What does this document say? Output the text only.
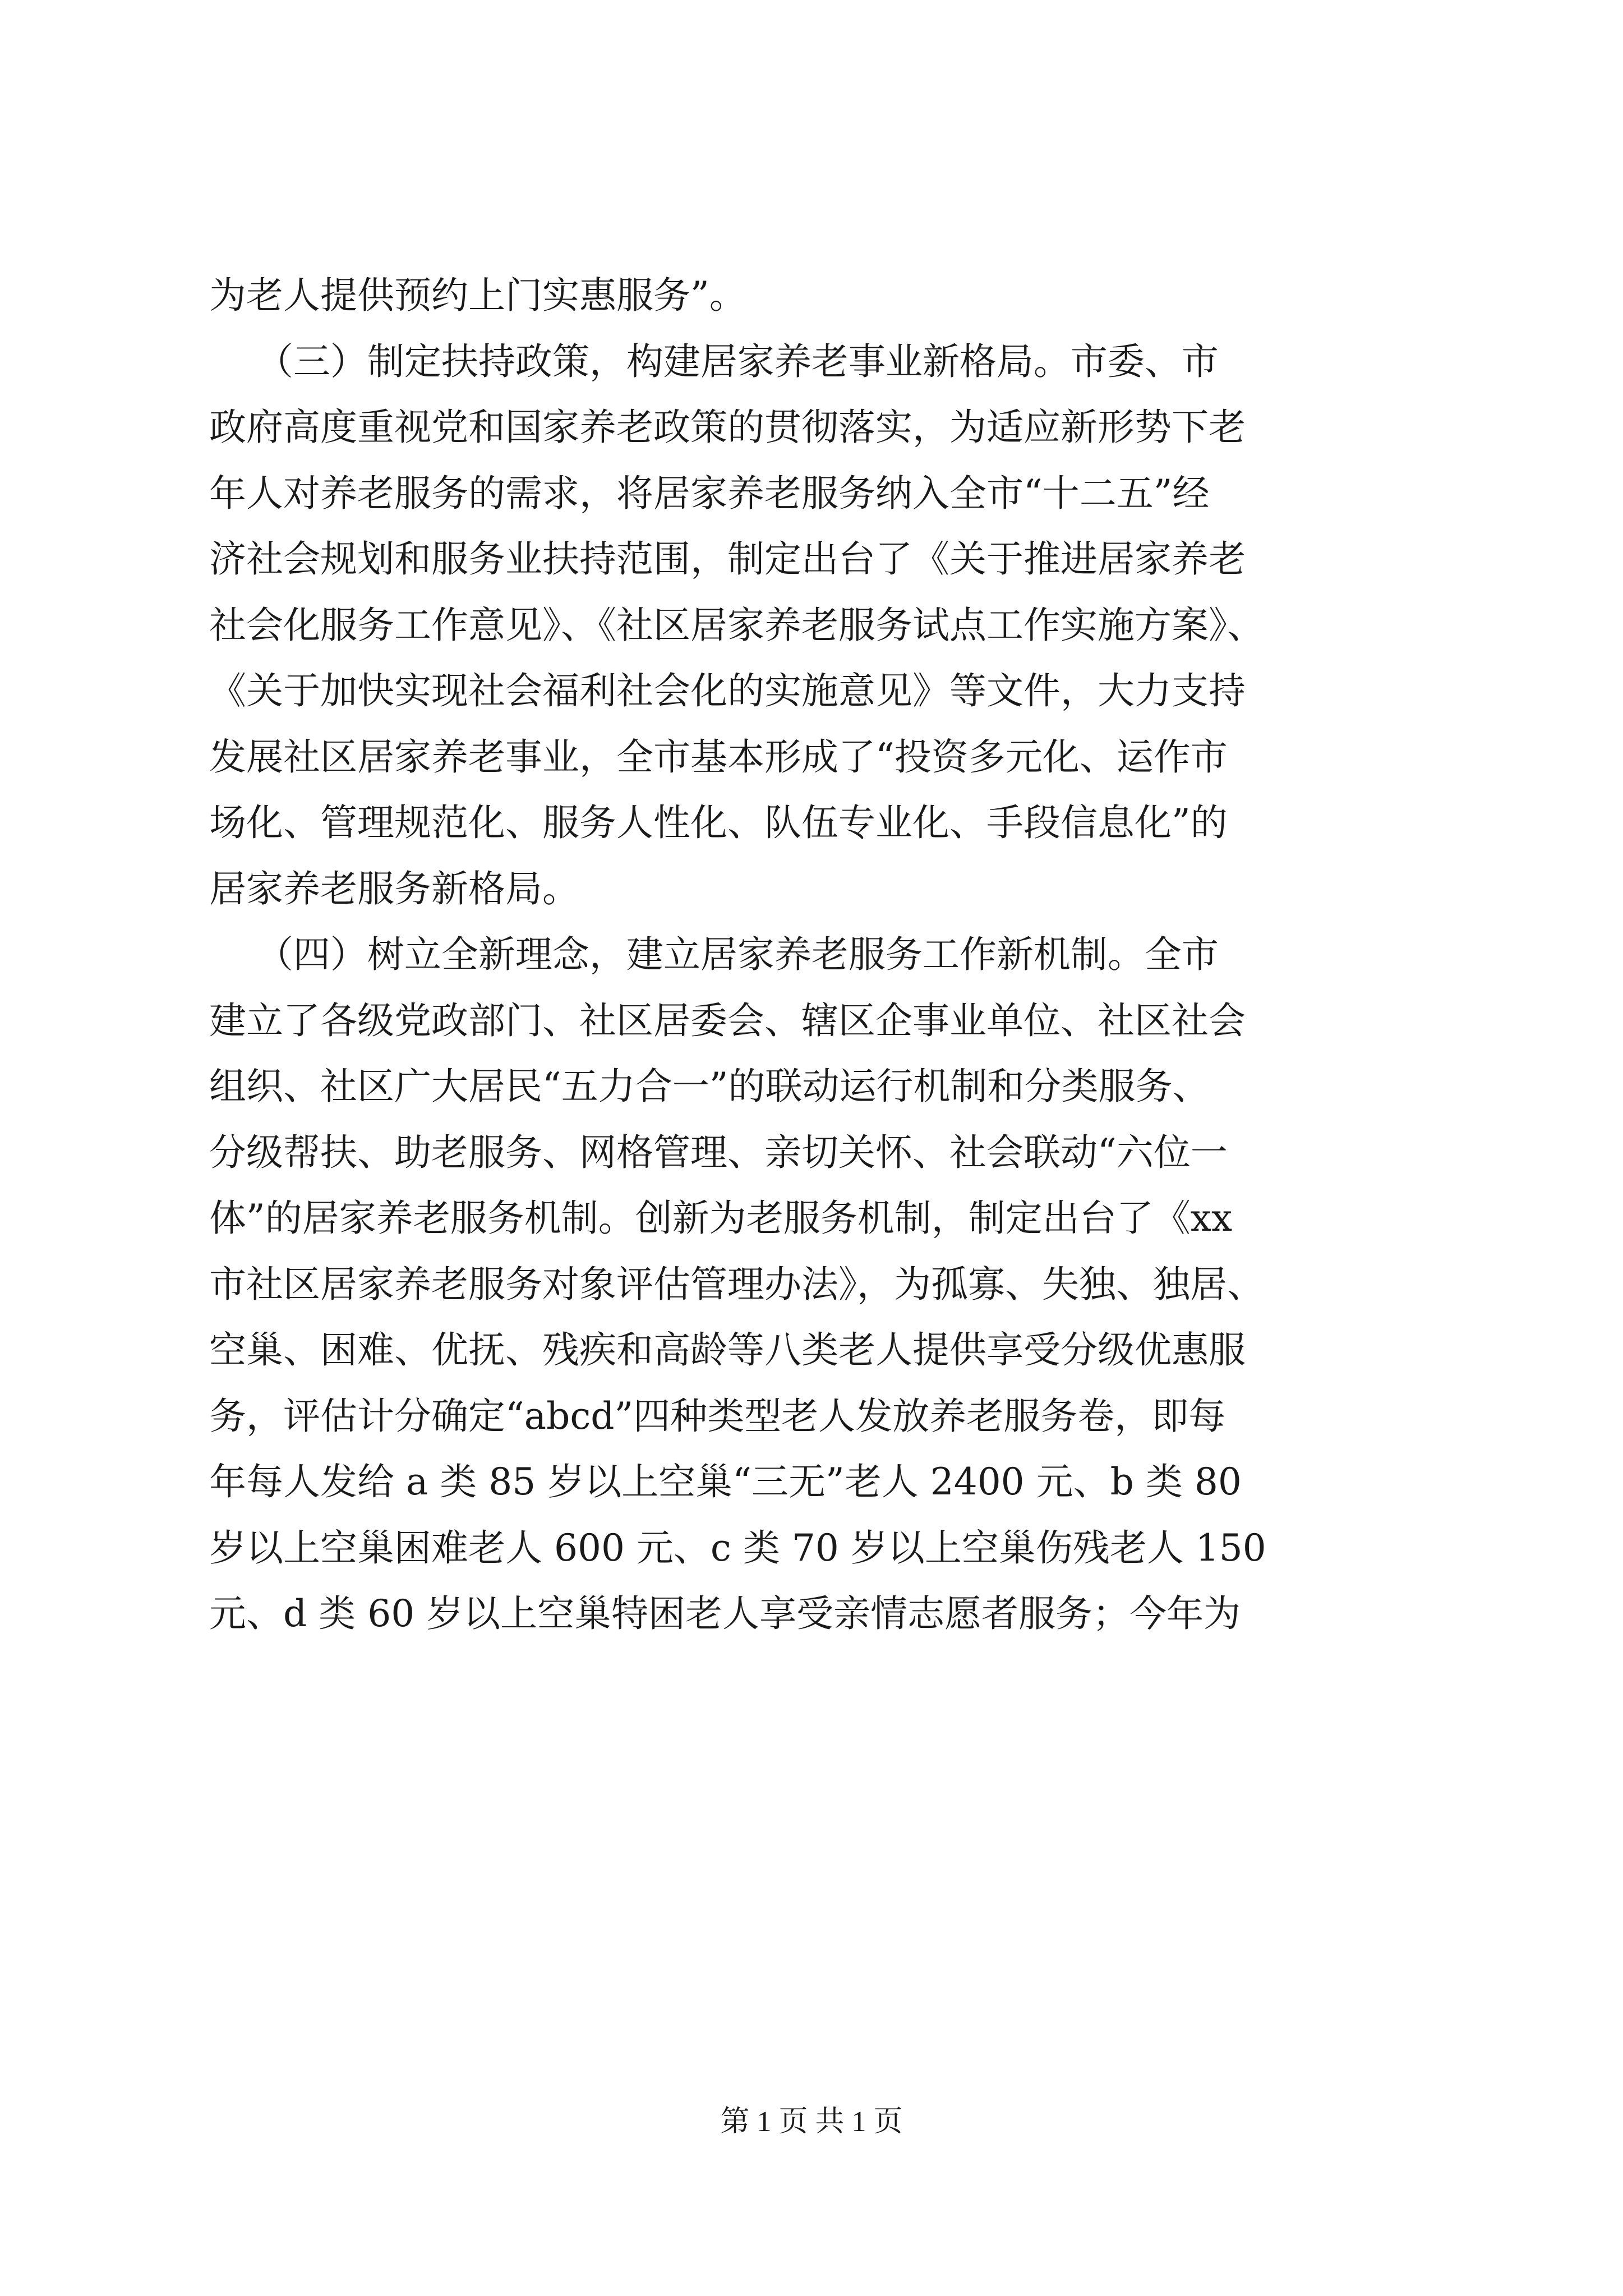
为老人提供预约上门实惠服务”。
（三）制定扶持政策，构建居家养老事业新格局。市委、市
政府高度重视党和国家养老政策的贯彻落实，为适应新形势下老
年人对养老服务的需求，将居家养老服务纳入全市“十二五”经
济社会规划和服务业扶持范围，制定出台了《关于推进居家养老
社会化服务工作意见》、《社区居家养老服务试点工作实施方案》、
《关于加快实现社会福利社会化的实施意见》等文件，大力支持
发展社区居家养老事业，全市基本形成了“投资多元化、运作市
场化、管理规范化、服务人性化、队伍专业化、手段信息化”的
居家养老服务新格局。
（四）树立全新理念，建立居家养老服务工作新机制。全市
建立了各级党政部门、社区居委会、辖区企事业单位、社区社会
组织、社区广大居民“五力合一”的联动运行机制和分类服务、
分级帮扶、助老服务、网格管理、亲切关怀、社会联动“六位一
体”的居家养老服务机制。创新为老服务机制，制定出台了《xx
市社区居家养老服务对象评估管理办法》，为孤寡、失独、独居、
空巢、困难、优抚、残疾和高龄等八类老人提供享受分级优惠服
务，评估计分确定“abcd”四种类型老人发放养老服务卷，即每
年每人发给 a 类 85 岁以上空巢“三无”老人 2400 元、b 类 80
岁以上空巢困难老人 600 元、c 类 70 岁以上空巢伤残老人 150
元、d 类 60 岁以上空巢特困老人享受亲情志愿者服务；今年为
第 1 页 共 1 页
